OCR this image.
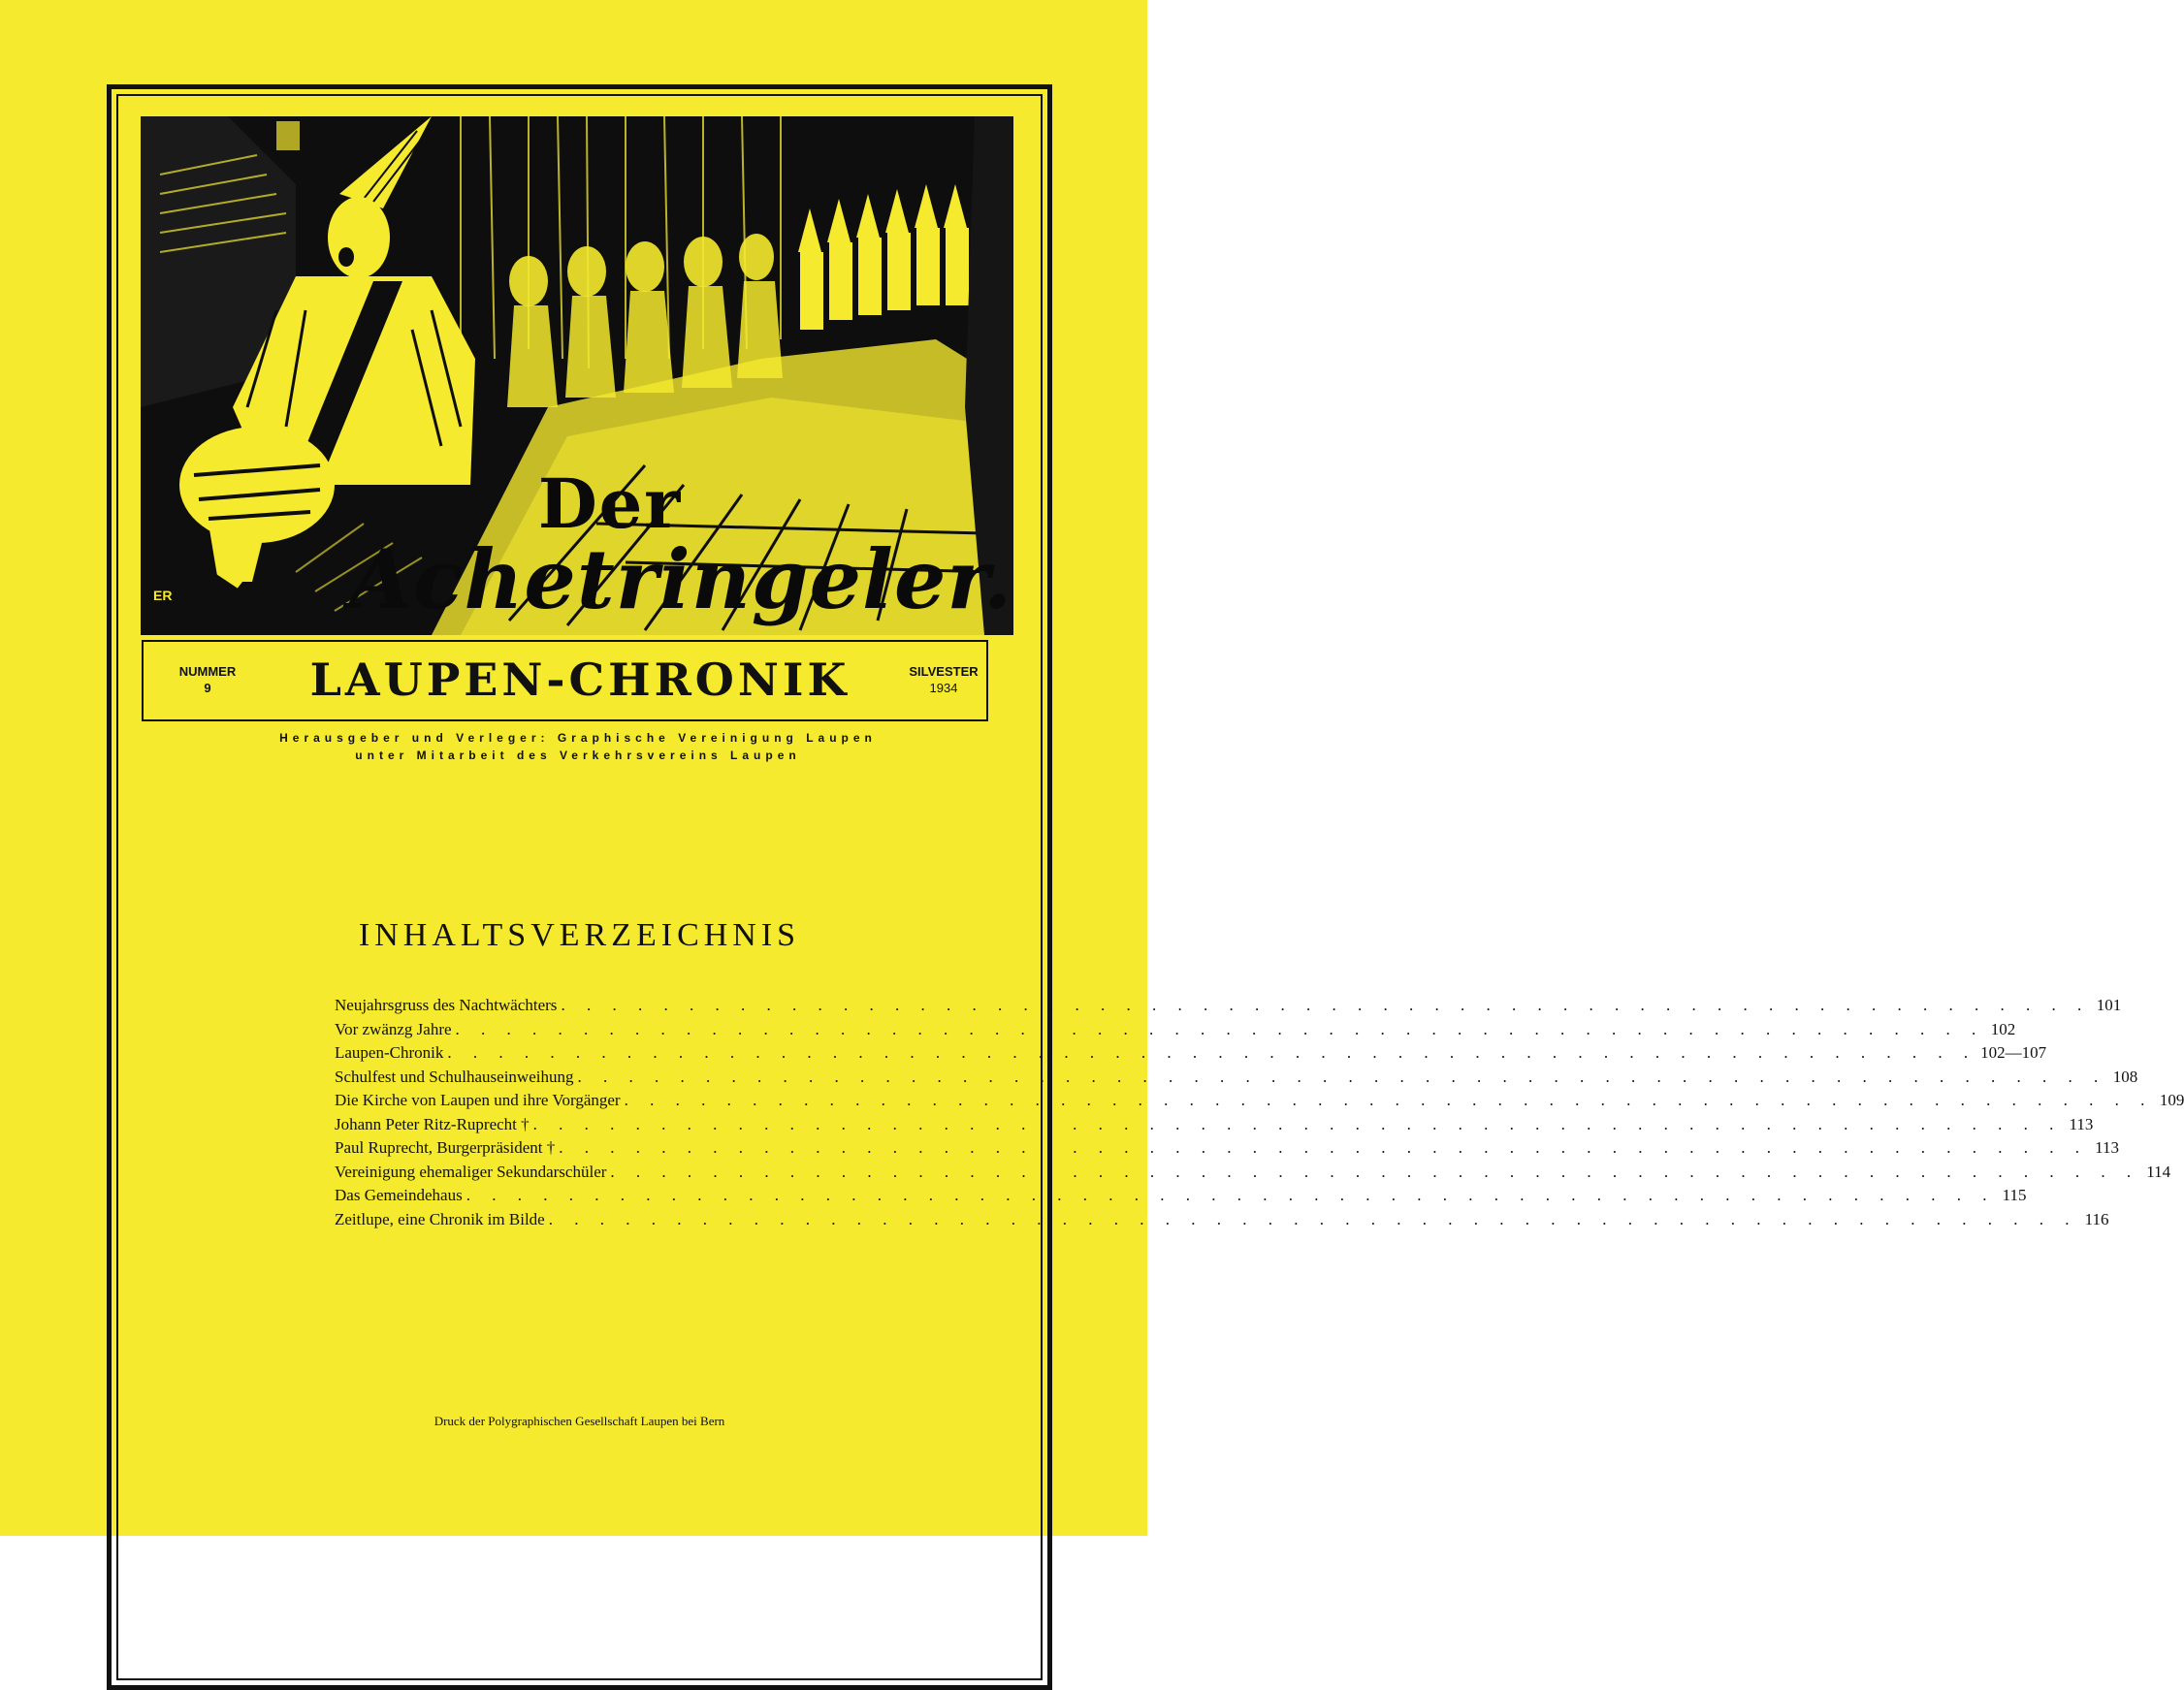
ER
Der
Achetringeler.
NUMMER
9	LAUPEN-CHRONIK	SILVESTER
1934
Herausgeber und Verleger: Graphische Vereinigung Laupen
unter Mitarbeit des Verkehrsvereins Laupen
INHALTSVERZEICHNIS
Neujahrsgruss des Nachtwächters . . . . . . . . . . . . . . . . . . . . . . . . . . . . . . . . . . . . . . . . . . . . . . . . . . . . . . . . . . . . 101
Vor zwänzg Jahre . . . . . . . . . . . . . . . . . . . . . . . . . . . . . . . . . . . . . . . . . . . . . . . . . . . . . . . . . . . . 102
Laupen-Chronik . . . . . . . . . . . . . . . . . . . . . . . . . . . . . . . . . . . . . . . . . . . . . . . . . . . . . . . . . . . . 102—107
Schulfest und Schulhauseinweihung . . . . . . . . . . . . . . . . . . . . . . . . . . . . . . . . . . . . . . . . . . . . . . . . . . . . . . . . . . . . 108
Die Kirche von Laupen und ihre Vorgänger . . . . . . . . . . . . . . . . . . . . . . . . . . . . . . . . . . . . . . . . . . . . . . . . . . . . . . . . . . . . 109
Johann Peter Ritz-Ruprecht † . . . . . . . . . . . . . . . . . . . . . . . . . . . . . . . . . . . . . . . . . . . . . . . . . . . . . . . . . . . . 113
Paul Ruprecht, Burgerpräsident † . . . . . . . . . . . . . . . . . . . . . . . . . . . . . . . . . . . . . . . . . . . . . . . . . . . . . . . . . . . . 113
Vereinigung ehemaliger Sekundarschüler . . . . . . . . . . . . . . . . . . . . . . . . . . . . . . . . . . . . . . . . . . . . . . . . . . . . . . . . . . . . 114
Das Gemeindehaus . . . . . . . . . . . . . . . . . . . . . . . . . . . . . . . . . . . . . . . . . . . . . . . . . . . . . . . . . . . . 115
Zeitlupe, eine Chronik im Bilde . . . . . . . . . . . . . . . . . . . . . . . . . . . . . . . . . . . . . . . . . . . . . . . . . . . . . . . . . . . . 116
Druck der Polygraphischen Gesellschaft Laupen bei Bern
